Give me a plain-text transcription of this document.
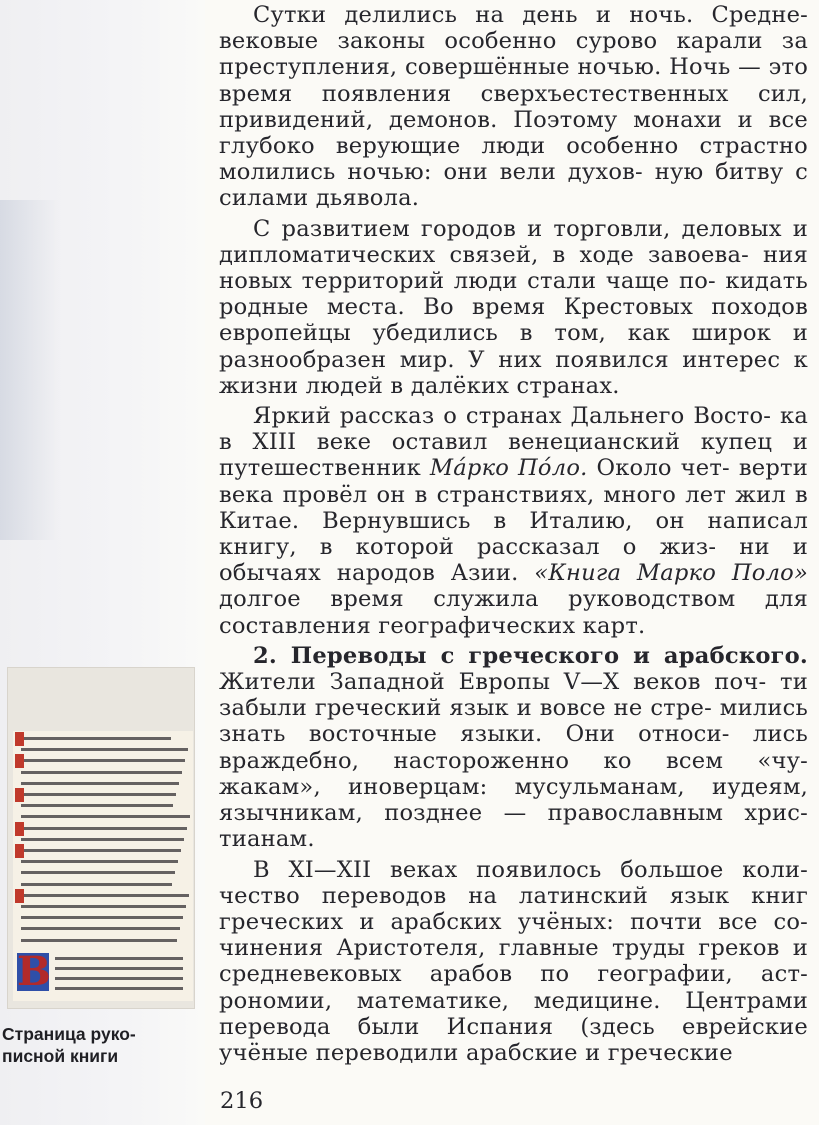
Сутки делились на день и ночь. Средне- вековые законы особенно сурово карали за преступления, совершённые ночью. Ночь — это время появления сверхъестественных сил, привидений, демонов. Поэтому монахи и все глубоко верующие люди особенно страстно молились ночью: они вели духов- ную битву с силами дьявола.

С развитием городов и торговли, деловых и дипломатических связей, в ходе завоева- ния новых территорий люди стали чаще по- кидать родные места. Во время Крестовых походов европейцы убедились в том, как широк и разнообразен мир. У них появился интерес к жизни людей в далёких странах.

Яркий рассказ о странах Дальнего Восто- ка в XIII веке оставил венецианский купец и путешественник Ма́рко По́ло. Около чет- верти века провёл он в странствиях, много лет жил в Китае. Вернувшись в Италию, он написал книгу, в которой рассказал о жиз- ни и обычаях народов Азии. «Книга Марко Поло» долгое время служила руководством для составления географических карт.

2. Переводы с греческого и арабского. Жители Западной Европы V—X веков поч- ти забыли греческий язык и вовсе не стре- мились знать восточные языки. Они относи- лись враждебно, настороженно ко всем «чу- жакам», иноверцам: мусульманам, иудеям, язычникам, позднее — православным хрис- тианам.

В XI—XII веках появилось большое коли- чество переводов на латинский язык книг греческих и арабских учёных: почти все со- чинения Аристотеля, главные труды греков и средневековых арабов по географии, аст- рономии, математике, медицине. Центрами перевода были Испания (здесь еврейские учёные переводили арабские и греческие

B
Страница руко-
писной книги
216
